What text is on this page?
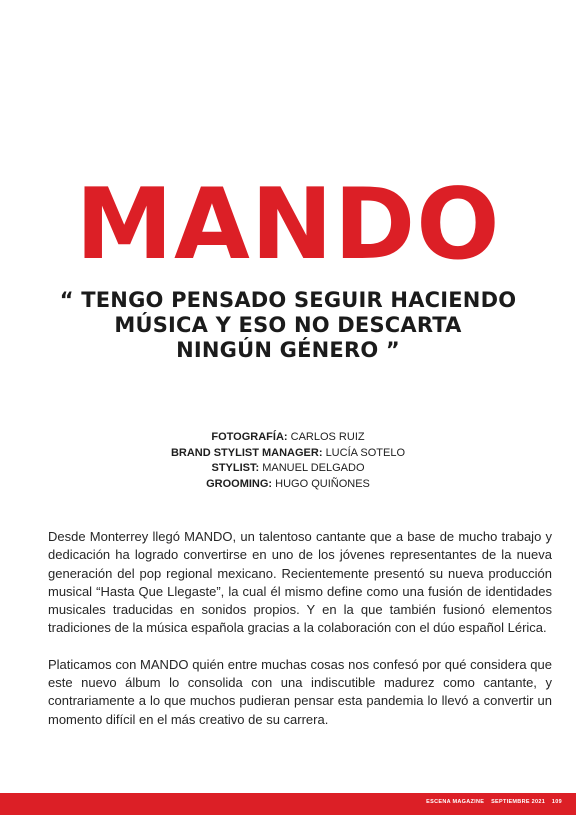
MANDO
“ TENGO PENSADO SEGUIR HACIENDO
MÚSICA Y ESO NO DESCARTA
NINGÚN GÉNERO ”
FOTOGRAFÍA: CARLOS RUIZ
BRAND STYLIST MANAGER: LUCÍA SOTELO
STYLIST: MANUEL DELGADO
GROOMING: HUGO QUIÑONES

Desde Monterrey llegó MANDO, un talentoso cantante que a base de mucho trabajo y dedicación ha logrado convertirse en uno de los jóvenes representantes de la nueva generación del pop regional mexicano. Recientemente presentó su nueva producción musical “Hasta Que Llegaste”, la cual él mismo define como una fusión de identidades musicales traducidas en sonidos propios. Y en la que también fusionó elementos tradiciones de la música española gracias a la colaboración con el dúo español Lérica.

Platicamos con MANDO quién entre muchas cosas nos confesó por qué considera que este nuevo álbum lo consolida con una indiscutible madurez como cantante, y contrariamente a lo que muchos pudieran pensar esta pandemia lo llevó a convertir un momento difícil en el más creativo de su carrera.

ESCENA MAGAZINE SEPTIEMBRE 2021 109
